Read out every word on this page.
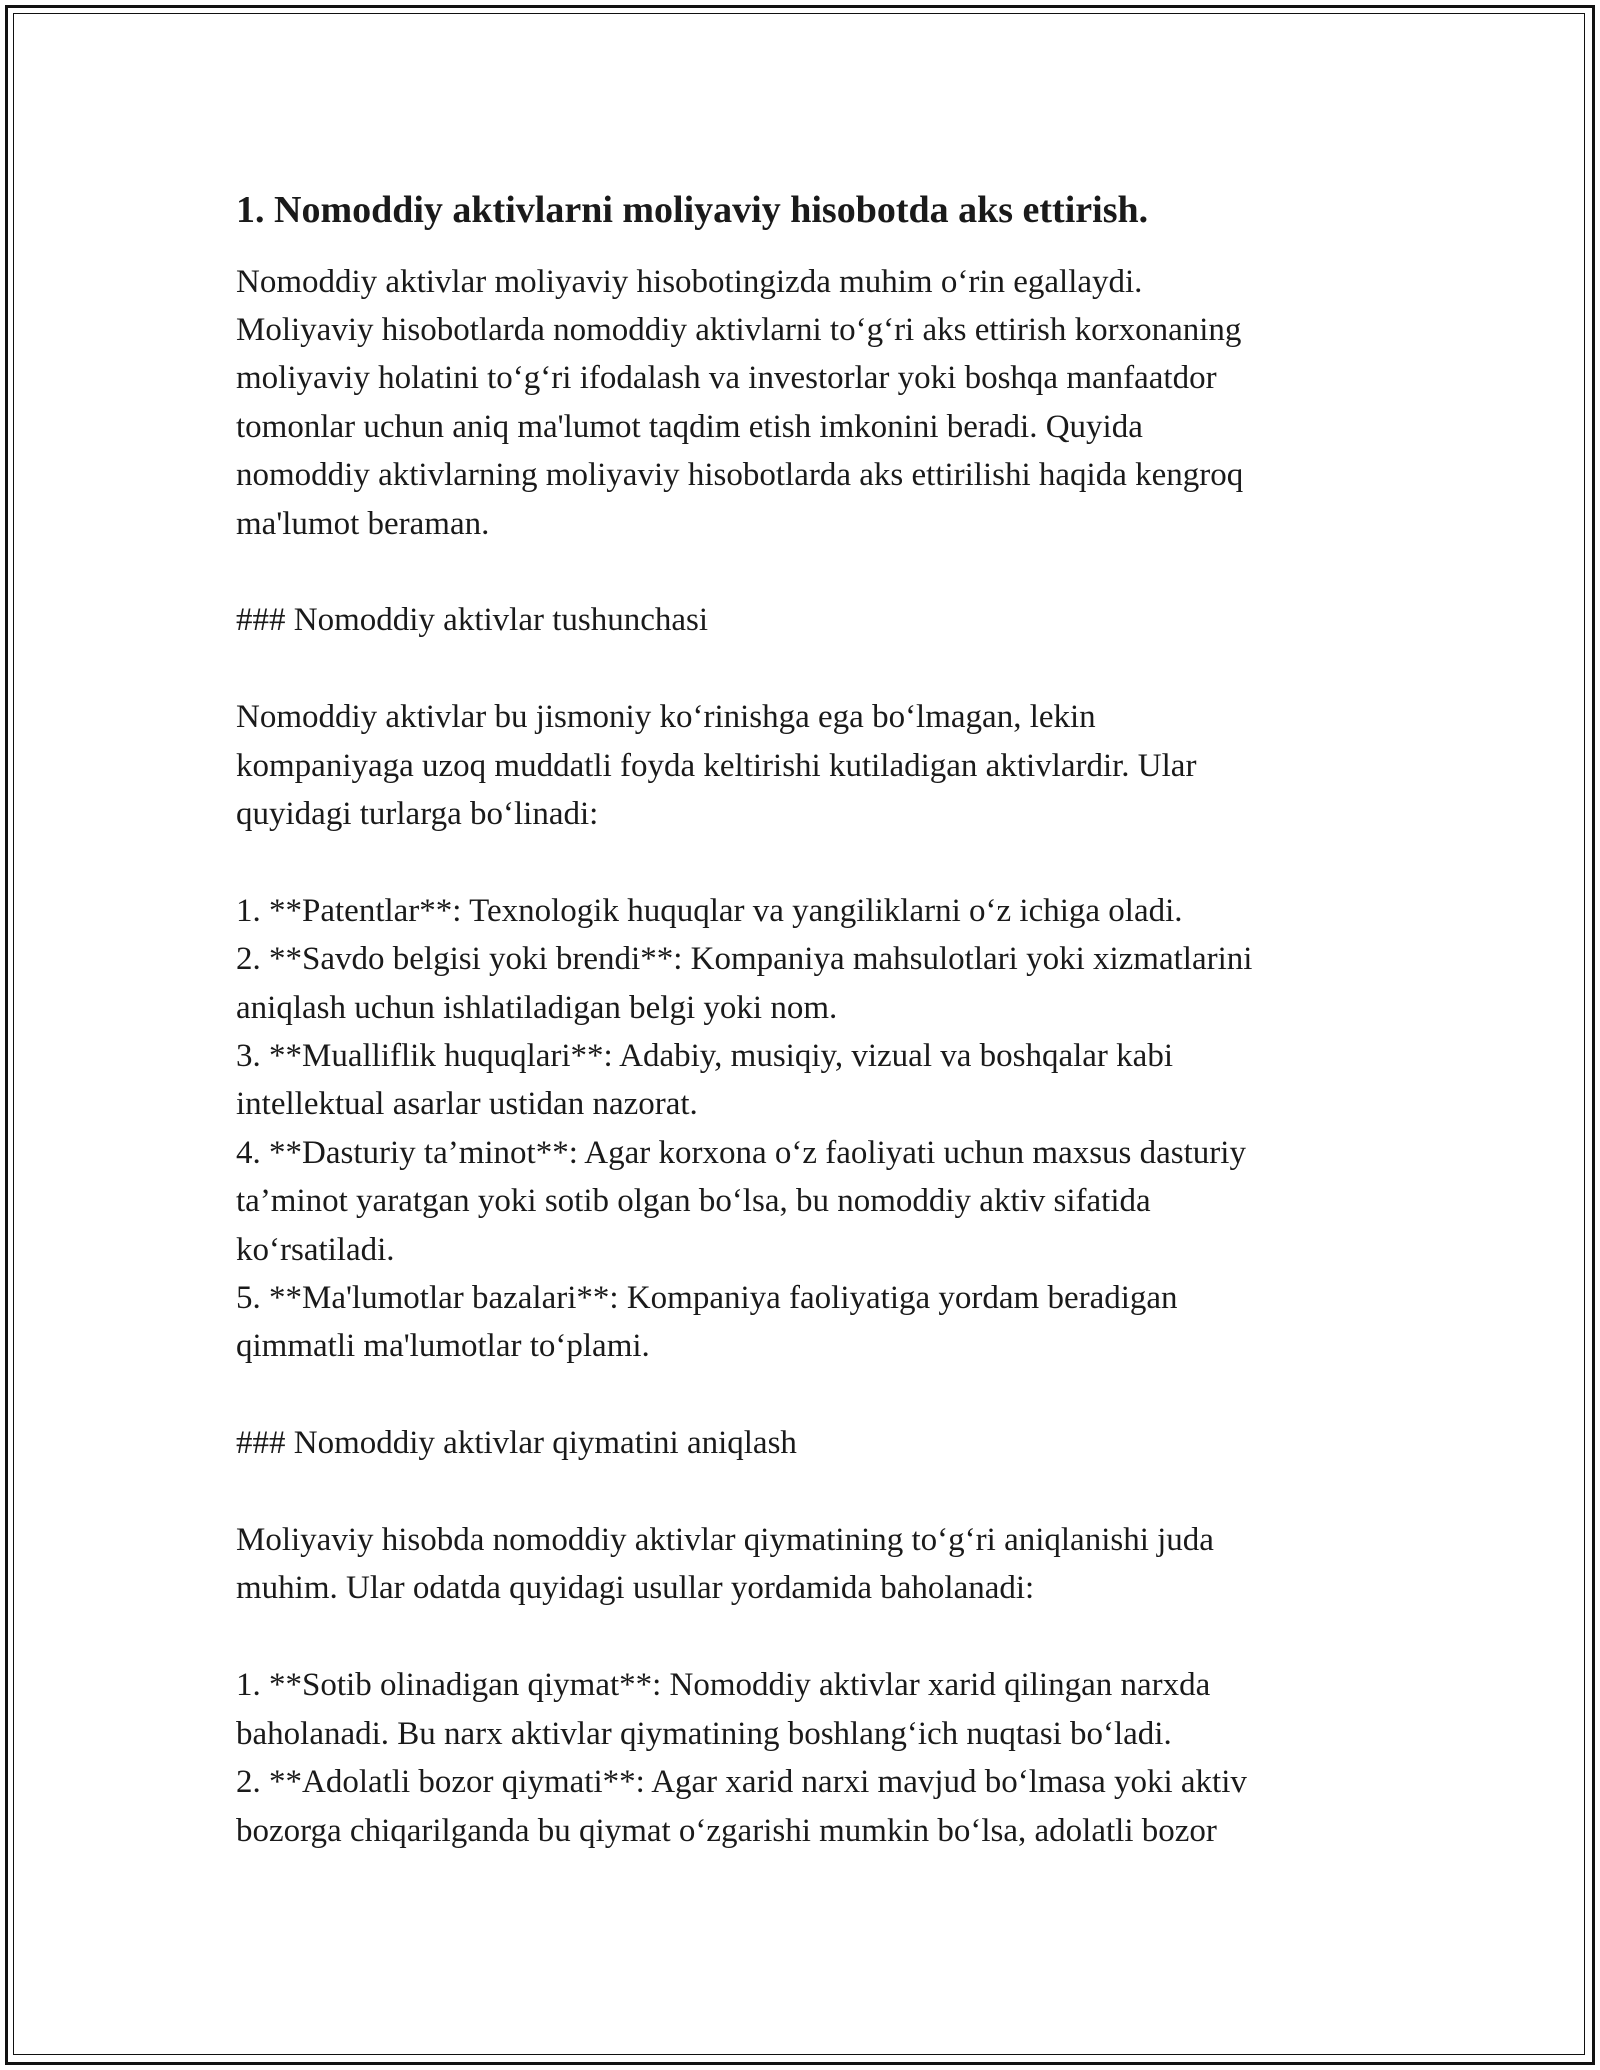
1. Nomoddiy aktivlarni moliyaviy hisobotda aks ettirish.

Nomoddiy aktivlar moliyaviy hisobotingizda muhim o‘rin egallaydi.

Moliyaviy hisobotlarda nomoddiy aktivlarni to‘g‘ri aks ettirish korxonaning

moliyaviy holatini to‘g‘ri ifodalash va investorlar yoki boshqa manfaatdor

tomonlar uchun aniq ma'lumot taqdim etish imkonini beradi. Quyida

nomoddiy aktivlarning moliyaviy hisobotlarda aks ettirilishi haqida kengroq

ma'lumot beraman.

### Nomoddiy aktivlar tushunchasi

Nomoddiy aktivlar bu jismoniy ko‘rinishga ega bo‘lmagan, lekin

kompaniyaga uzoq muddatli foyda keltirishi kutiladigan aktivlardir. Ular

quyidagi turlarga bo‘linadi:

1. **Patentlar**: Texnologik huquqlar va yangiliklarni o‘z ichiga oladi.

2. **Savdo belgisi yoki brendi**: Kompaniya mahsulotlari yoki xizmatlarini

aniqlash uchun ishlatiladigan belgi yoki nom.

3. **Mualliflik huquqlari**: Adabiy, musiqiy, vizual va boshqalar kabi

intellektual asarlar ustidan nazorat.

4. **Dasturiy ta’minot**: Agar korxona o‘z faoliyati uchun maxsus dasturiy

ta’minot yaratgan yoki sotib olgan bo‘lsa, bu nomoddiy aktiv sifatida

ko‘rsatiladi.

5. **Ma'lumotlar bazalari**: Kompaniya faoliyatiga yordam beradigan

qimmatli ma'lumotlar to‘plami.

### Nomoddiy aktivlar qiymatini aniqlash

Moliyaviy hisobda nomoddiy aktivlar qiymatining to‘g‘ri aniqlanishi juda

muhim. Ular odatda quyidagi usullar yordamida baholanadi:

1. **Sotib olinadigan qiymat**: Nomoddiy aktivlar xarid qilingan narxda

baholanadi. Bu narx aktivlar qiymatining boshlang‘ich nuqtasi bo‘ladi.

2. **Adolatli bozor qiymati**: Agar xarid narxi mavjud bo‘lmasa yoki aktiv

bozorga chiqarilganda bu qiymat o‘zgarishi mumkin bo‘lsa, adolatli bozor
